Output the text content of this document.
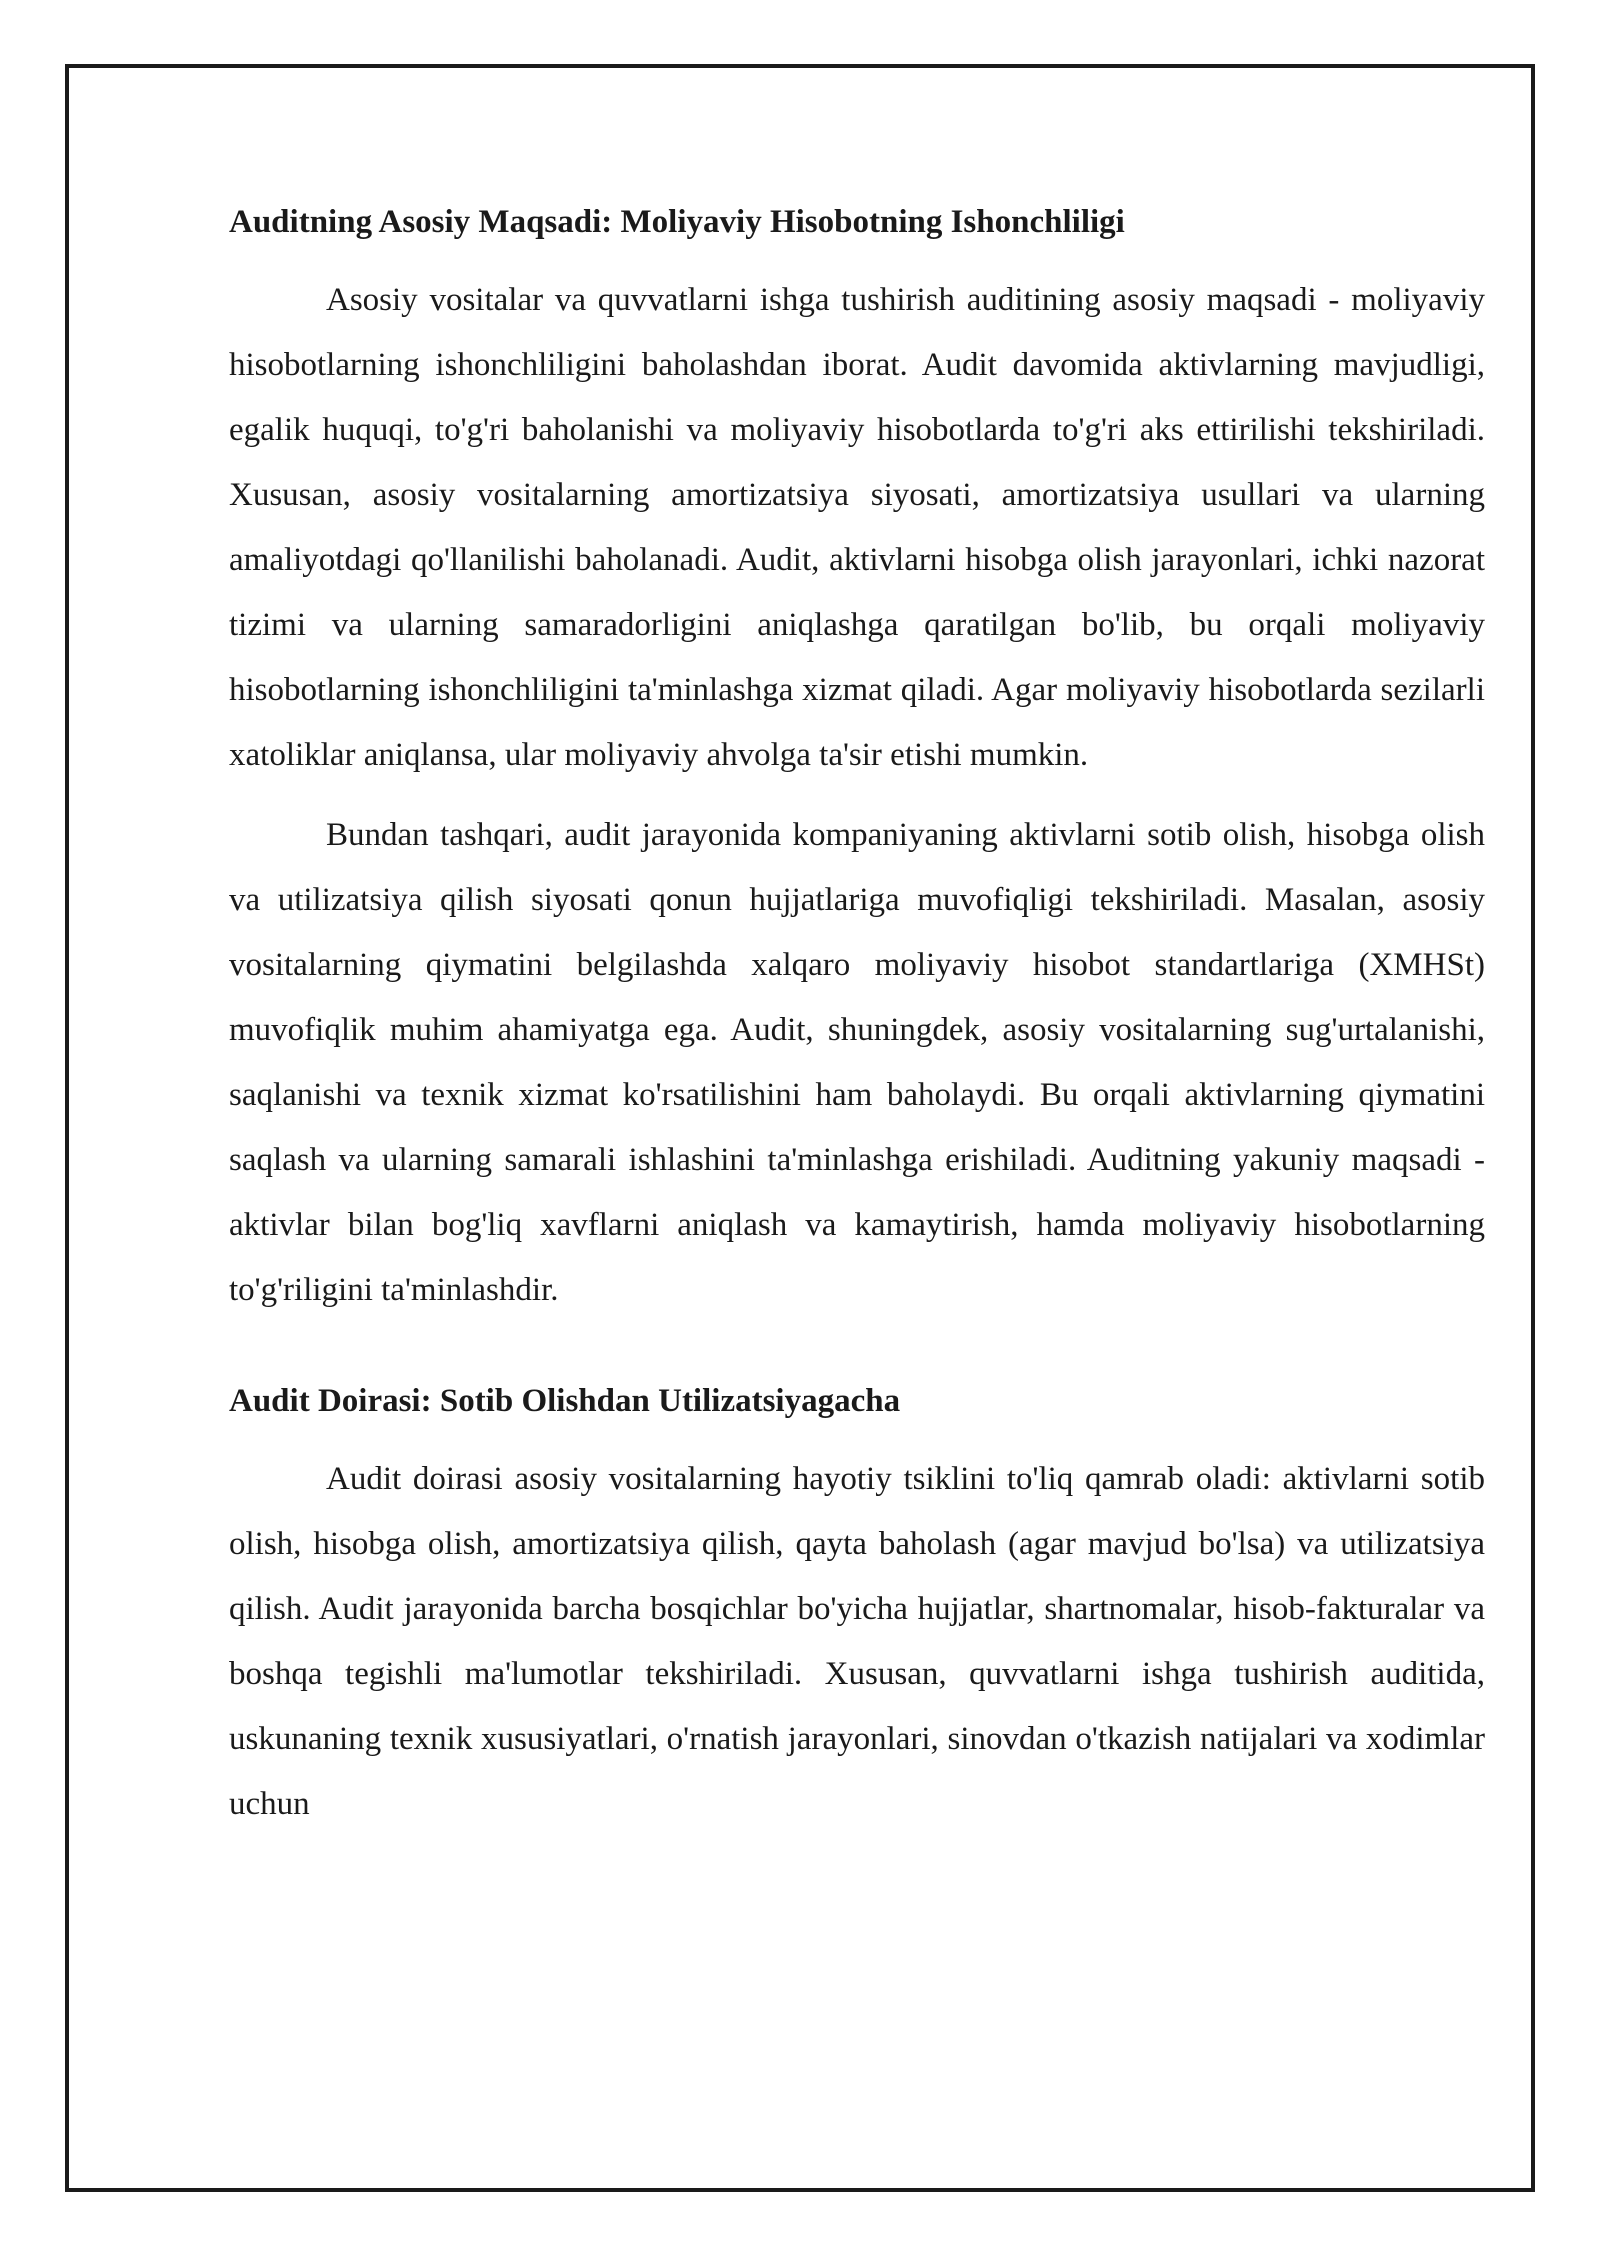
Auditning Asosiy Maqsadi: Moliyaviy Hisobotning Ishonchliligi

Asosiy vositalar va quvvatlarni ishga tushirish auditining asosiy maqsadi - moliyaviy hisobotlarning ishonchliligini baholashdan iborat. Audit davomida aktivlarning mavjudligi, egalik huquqi, to'g'ri baholanishi va moliyaviy hisobotlarda to'g'ri aks ettirilishi tekshiriladi. Xususan, asosiy vositalarning amortizatsiya siyosati, amortizatsiya usullari va ularning amaliyotdagi qo'llanilishi baholanadi. Audit, aktivlarni hisobga olish jarayonlari, ichki nazorat tizimi va ularning samaradorligini aniqlashga qaratilgan bo'lib, bu orqali moliyaviy hisobotlarning ishonchliligini ta'minlashga xizmat qiladi. Agar moliyaviy hisobotlarda sezilarli xatoliklar aniqlansa, ular moliyaviy ahvolga ta'sir etishi mumkin.

Bundan tashqari, audit jarayonida kompaniyaning aktivlarni sotib olish, hisobga olish va utilizatsiya qilish siyosati qonun hujjatlariga muvofiqligi tekshiriladi. Masalan, asosiy vositalarning qiymatini belgilashda xalqaro moliyaviy hisobot standartlariga (XMHSt) muvofiqlik muhim ahamiyatga ega. Audit, shuningdek, asosiy vositalarning sug'urtalanishi, saqlanishi va texnik xizmat ko'rsatilishini ham baholaydi. Bu orqali aktivlarning qiymatini saqlash va ularning samarali ishlashini ta'minlashga erishiladi. Auditning yakuniy maqsadi - aktivlar bilan bog'liq xavflarni aniqlash va kamaytirish, hamda moliyaviy hisobotlarning to'g'riligini ta'minlashdir.

Audit Doirasi: Sotib Olishdan Utilizatsiyagacha

Audit doirasi asosiy vositalarning hayotiy tsiklini to'liq qamrab oladi: aktivlarni sotib olish, hisobga olish, amortizatsiya qilish, qayta baholash (agar mavjud bo'lsa) va utilizatsiya qilish. Audit jarayonida barcha bosqichlar bo'yicha hujjatlar, shartnomalar, hisob-fakturalar va boshqa tegishli ma'lumotlar tekshiriladi. Xususan, quvvatlarni ishga tushirish auditida, uskunaning texnik xususiyatlari, o'rnatish jarayonlari, sinovdan o'tkazish natijalari va xodimlar uchun
